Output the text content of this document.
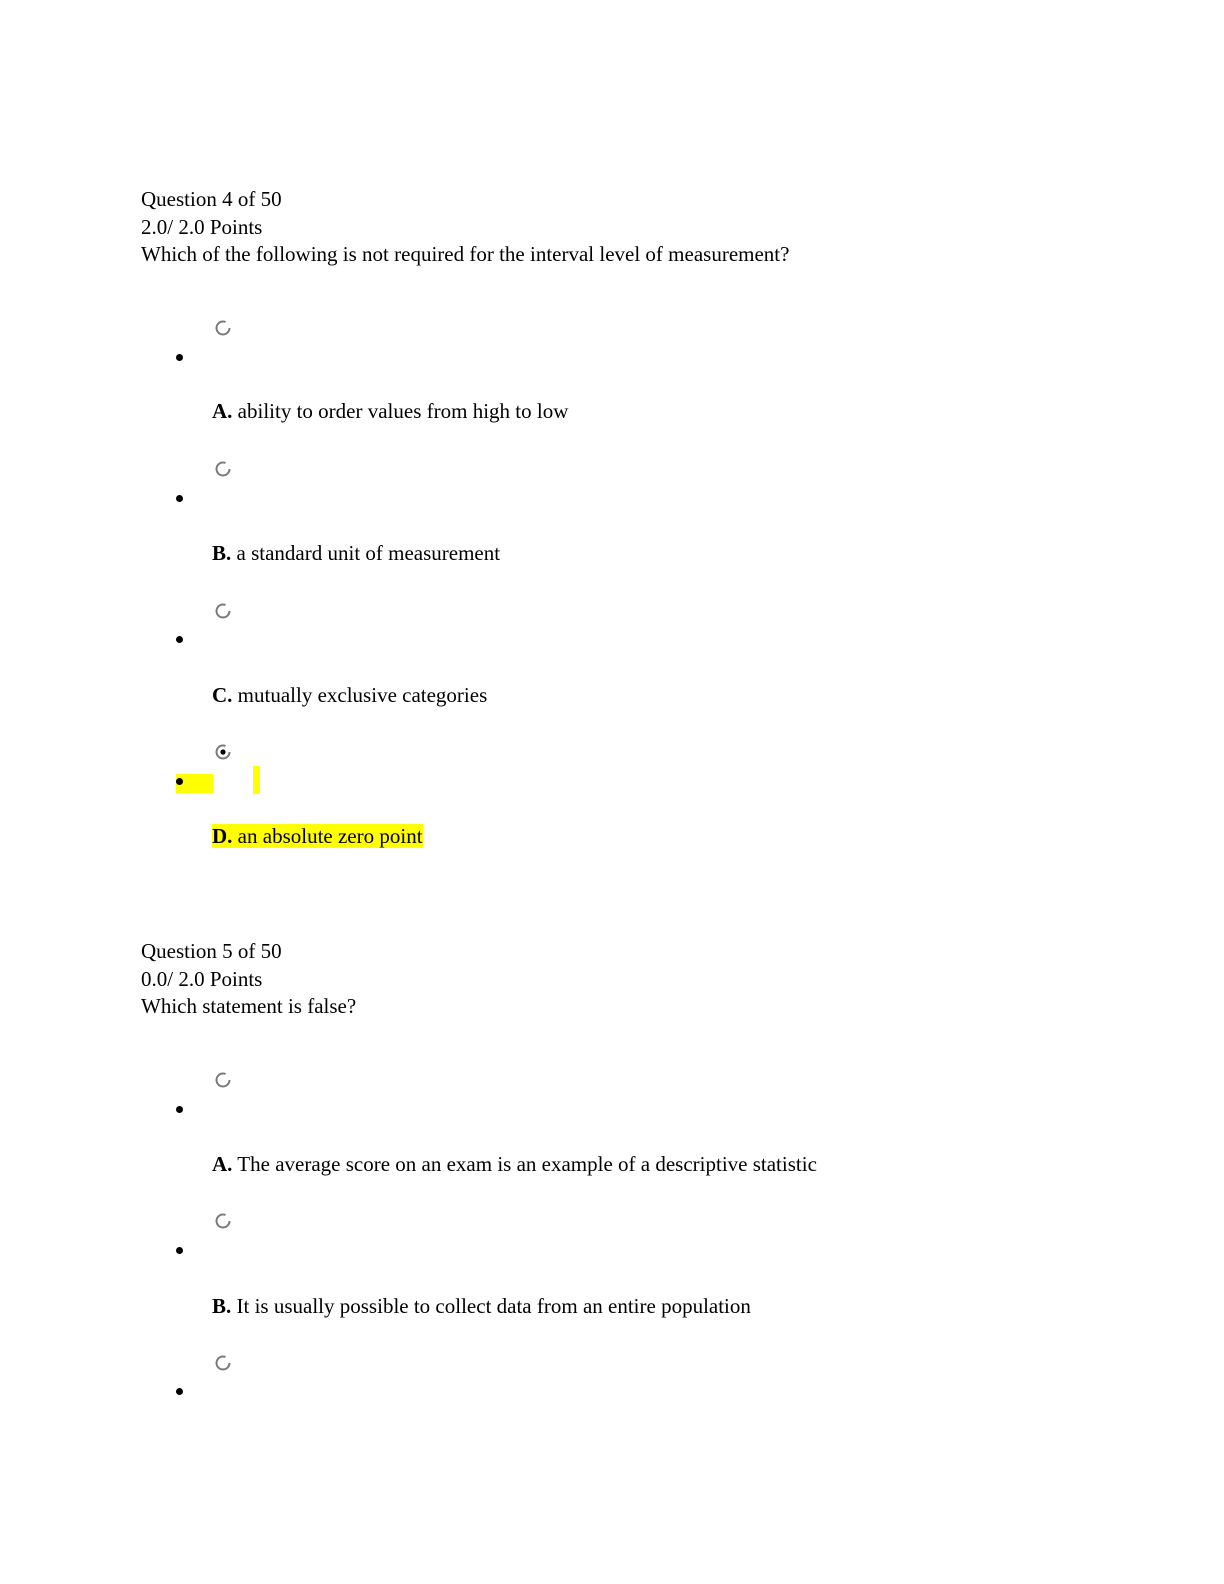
Question 4 of 50
2.0/ 2.0 Points
Which of the following is not required for the interval level of measurement?
A. ability to order values from high to low
B. a standard unit of measurement
C. mutually exclusive categories
D. an absolute zero point
Question 5 of 50
0.0/ 2.0 Points
Which statement is false?
A. The average score on an exam is an example of a descriptive statistic
B. It is usually possible to collect data from an entire population
